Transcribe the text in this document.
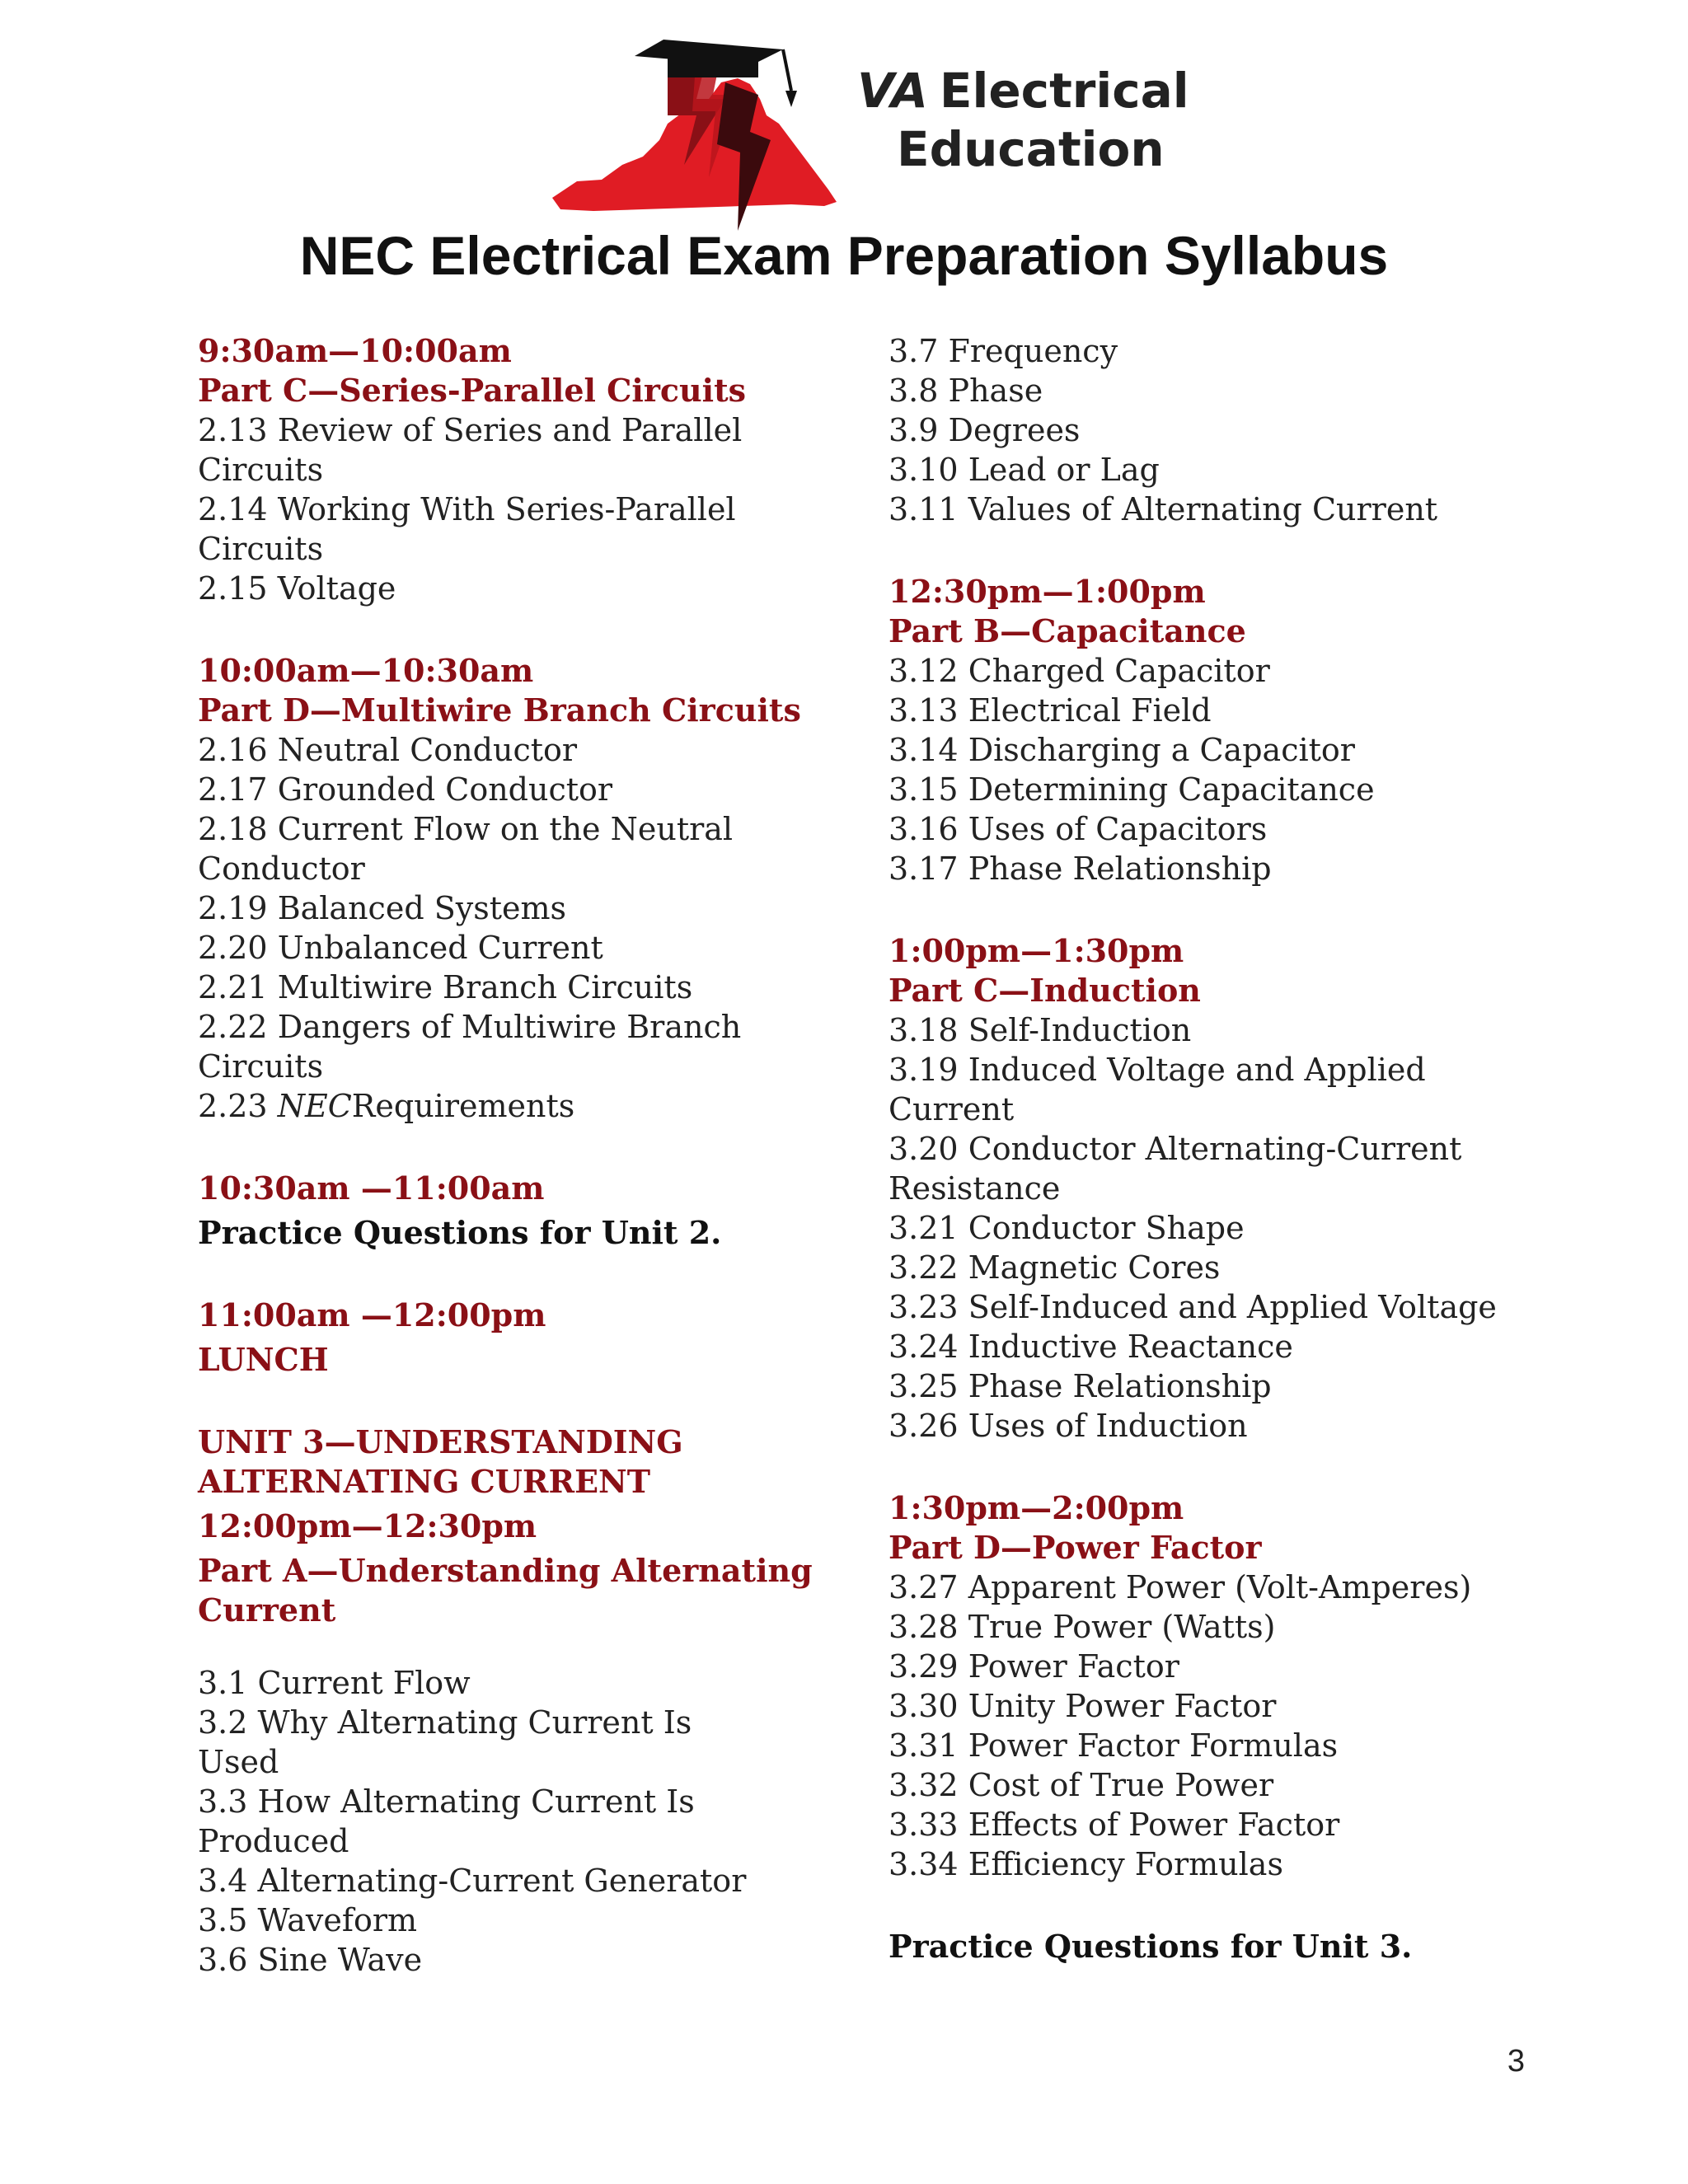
VA Electrical
Education
NEC Electrical Exam Preparation Syllabus
9:30am—10:00am
Part C—Series-Parallel Circuits
2.13 Review of Series and Parallel
Circuits
2.14 Working With Series-Parallel
Circuits
2.15 Voltage
10:00am—10:30am
Part D—Multiwire Branch Circuits
2.16 Neutral Conductor
2.17 Grounded Conductor
2.18 Current Flow on the Neutral
Conductor
2.19 Balanced Systems
2.20 Unbalanced Current
2.21 Multiwire Branch Circuits
2.22 Dangers of Multiwire Branch
Circuits
2.23 NECRequirements
10:30am —11:00am
Practice Questions for Unit 2.
11:00am —12:00pm
LUNCH
UNIT 3—UNDERSTANDING
ALTERNATING CURRENT
12:00pm—12:30pm
Part A—Understanding Alternating
Current
3.1 Current Flow
3.2 Why Alternating Current Is
Used
3.3 How Alternating Current Is Produced
3.4 Alternating-Current Generator
3.5 Waveform
3.6 Sine Wave
3.7 Frequency
3.8 Phase
3.9 Degrees
3.10 Lead or Lag
3.11 Values of Alternating Current
12:30pm—1:00pm
Part B—Capacitance
3.12 Charged Capacitor
3.13 Electrical Field
3.14 Discharging a Capacitor
3.15 Determining Capacitance
3.16 Uses of Capacitors
3.17 Phase Relationship
1:00pm—1:30pm
Part C—Induction
3.18 Self-Induction
3.19 Induced Voltage and Applied
Current
3.20 Conductor Alternating-Current
Resistance
3.21 Conductor Shape
3.22 Magnetic Cores
3.23 Self-Induced and Applied Voltage
3.24 Inductive Reactance
3.25 Phase Relationship
3.26 Uses of Induction
1:30pm—2:00pm
Part D—Power Factor
3.27 Apparent Power (Volt-Amperes)
3.28 True Power (Watts)
3.29 Power Factor
3.30 Unity Power Factor
3.31 Power Factor Formulas
3.32 Cost of True Power
3.33 Effects of Power Factor
3.34 Efficiency Formulas
Practice Questions for Unit 3.
3
